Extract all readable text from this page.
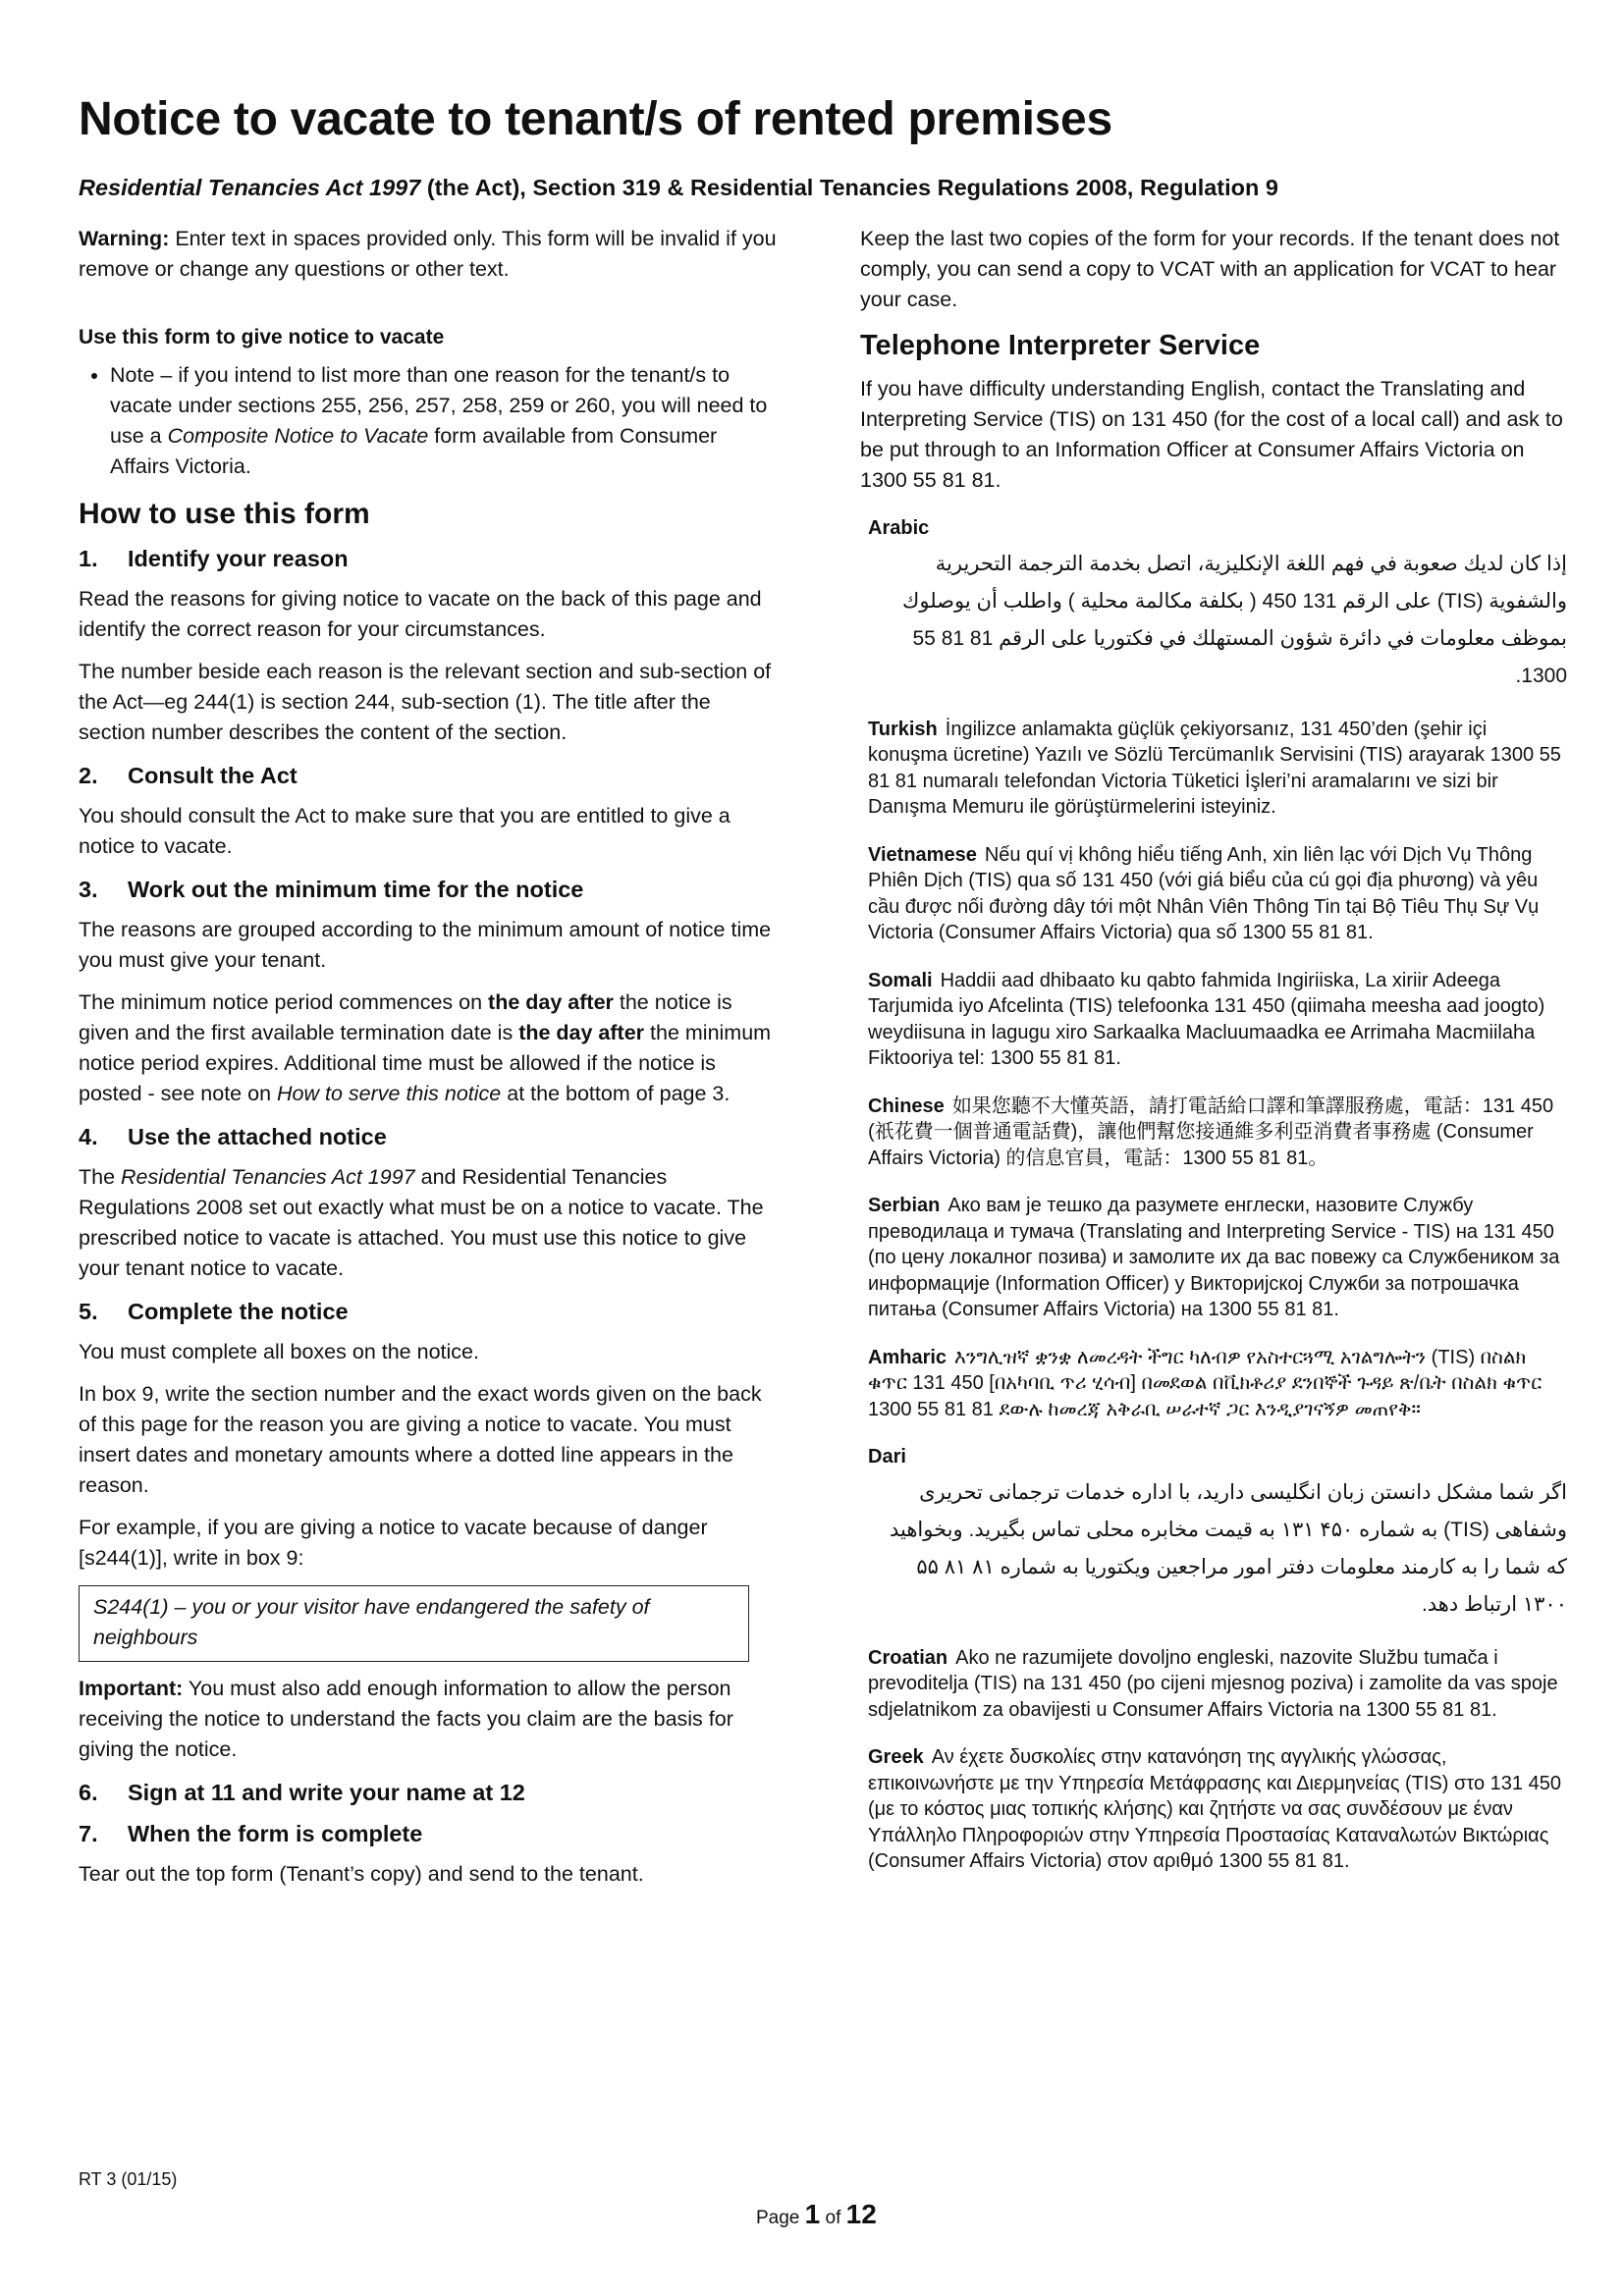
Notice to vacate to tenant/s of rented premises

Residential Tenancies Act 1997 (the Act), Section 319 & Residential Tenancies Regulations 2008, Regulation 9

Warning: Enter text in spaces provided only. This form will be invalid if you remove or change any questions or other text.

Use this form to give notice to vacate
• Note – if you intend to list more than one reason for the tenant/s to vacate under sections 255, 256, 257, 258, 259 or 260, you will need to use a Composite Notice to Vacate form available from Consumer Affairs Victoria.
How to use this form
1.	Identify your reason

Read the reasons for giving notice to vacate on the back of this page and identify the correct reason for your circumstances.

The number beside each reason is the relevant section and sub-section of the Act—eg 244(1) is section 244, sub-section (1). The title after the section number describes the content of the section.

2.	Consult the Act

You should consult the Act to make sure that you are entitled to give a notice to vacate.

3.	Work out the minimum time for the notice

The reasons are grouped according to the minimum amount of notice time you must give your tenant.

The minimum notice period commences on the day after the notice is given and the first available termination date is the day after the minimum notice period expires. Additional time must be allowed if the notice is posted - see note on How to serve this notice at the bottom of page 3.

4.	Use the attached notice

The Residential Tenancies Act 1997 and Residential Tenancies Regulations 2008 set out exactly what must be on a notice to vacate. The prescribed notice to vacate is attached. You must use this notice to give your tenant notice to vacate.

5.	Complete the notice

You must complete all boxes on the notice.

In box 9, write the section number and the exact words given on the back of this page for the reason you are giving a notice to vacate. You must insert dates and monetary amounts where a dotted line appears in the reason.

For example, if you are giving a notice to vacate because of danger [s244(1)], write in box 9:

S244(1) – you or your visitor have endangered the safety of neighbours

Important: You must also add enough information to allow the person receiving the notice to understand the facts you claim are the basis for giving the notice.

6.	Sign at 11 and write your name at 12
7.	When the form is complete

Tear out the top form (Tenant’s copy) and send to the tenant.

Keep the last two copies of the form for your records. If the tenant does not comply, you can send a copy to VCAT with an application for VCAT to hear your case.

Telephone Interpreter Service

If you have difficulty understanding English, contact the Translating and Interpreting Service (TIS) on 131 450 (for the cost of a local call) and ask to be put through to an Information Officer at Consumer Affairs Victoria on 1300 55 81 81.

Arabic
إذا كان لديك صعوبة في فهم اللغة الإنكليزية، اتصل بخدمة الترجمة التحريرية والشفوية (TIS) على الرقم 131 450 ( بكلفة مكالمة محلية ) واطلب أن يوصلوك بموظف معلومات في دائرة شؤون المستهلك في فكتوريا على الرقم 81 81 55 1300.
Turkish İngilizce anlamakta güçlük çekiyorsanız, 131 450’den (şehir içi konuşma ücretine) Yazılı ve Sözlü Tercümanlık Servisini (TIS) arayarak 1300 55 81 81 numaralı telefondan Victoria Tüketici İşleri’ni aramalarını ve sizi bir Danışma Memuru ile görüştürmelerini isteyiniz.
Vietnamese Nếu quí vị không hiểu tiếng Anh, xin liên lạc với Dịch Vụ Thông Phiên Dịch (TIS) qua số 131 450 (với giá biểu của cú gọi địa phương) và yêu cầu được nối đường dây tới một Nhân Viên Thông Tin tại Bộ Tiêu Thụ Sự Vụ Victoria (Consumer Affairs Victoria) qua số 1300 55 81 81.
Somali Haddii aad dhibaato ku qabto fahmida Ingiriiska, La xiriir Adeega Tarjumida iyo Afcelinta (TIS) telefoonka 131 450 (qiimaha meesha aad joogto) weydiisuna in lagugu xiro Sarkaalka Macluumaadka ee Arrimaha Macmiilaha Fiktooriya tel: 1300 55 81 81.
Chinese 如果您聽不大懂英語，請打電話給口譯和筆譯服務處，電話：131 450 (祇花費一個普通電話費)，讓他們幫您接通維多利亞消費者事務處 (Consumer Affairs Victoria) 的信息官員，電話：1300 55 81 81。
Serbian Ако вам је тешко да разумете енглески, назовите Службу преводилаца и тумача (Translating and Interpreting Service - TIS) на 131 450 (по цену локалног позива) и замолите их да вас повежу са Службеником за информације (Information Officer) у Викторијској Служби за потрошачка питања (Consumer Affairs Victoria) на 1300 55 81 81.
Amharic እንግሊዝኛ ቋንቋ ለመረዳት ችግር ካለብዎ የአስተርጓሚ አገልግሎትን (TIS) በስልክ ቁጥር 131 450 [በአካባቢ ጥሪ ሂሳብ] በመደወል በቪክቶሪያ ደንበኞች ጉዳይ ጽ/ቤት በስልክ ቁጥር 1300 55 81 81 ደውሉ ከመረጃ አቅራቢ ሠራተኛ ጋር እንዲያገናኝዎ መጠየቅ።
Dari
اگر شما مشکل دانستن زبان انگلیسی دارید، با اداره خدمات ترجمانی تحریری وشفاهی (TIS) به شماره ۴۵۰ ۱۳۱ به قیمت مخابره محلی تماس بگیرید. وبخواهید که شما را به کارمند معلومات دفتر امور مراجعین ویکتوریا به شماره ۸۱ ۸۱ ۵۵ ۱۳۰۰ ارتباط دهد.
Croatian Ako ne razumijete dovoljno engleski, nazovite Službu tumača i prevoditelja (TIS) na 131 450 (po cijeni mjesnog poziva) i zamolite da vas spoje sdjelatnikom za obavijesti u Consumer Affairs Victoria na 1300 55 81 81.
Greek Αν έχετε δυσκολίες στην κατανόηση της αγγλικής γλώσσας, επικοινωνήστε με την Υπηρεσία Μετάφρασης και Διερμηνείας (TIS) στο 131 450 (με το κόστος μιας τοπικής κλήσης) και ζητήστε να σας συνδέσουν με έναν Υπάλληλο Πληροφοριών στην Υπηρεσία Προστασίας Καταναλωτών Βικτώριας (Consumer Affairs Victoria) στον αριθμό 1300 55 81 81.
RT 3 (01/15)
Page 1 of 12
